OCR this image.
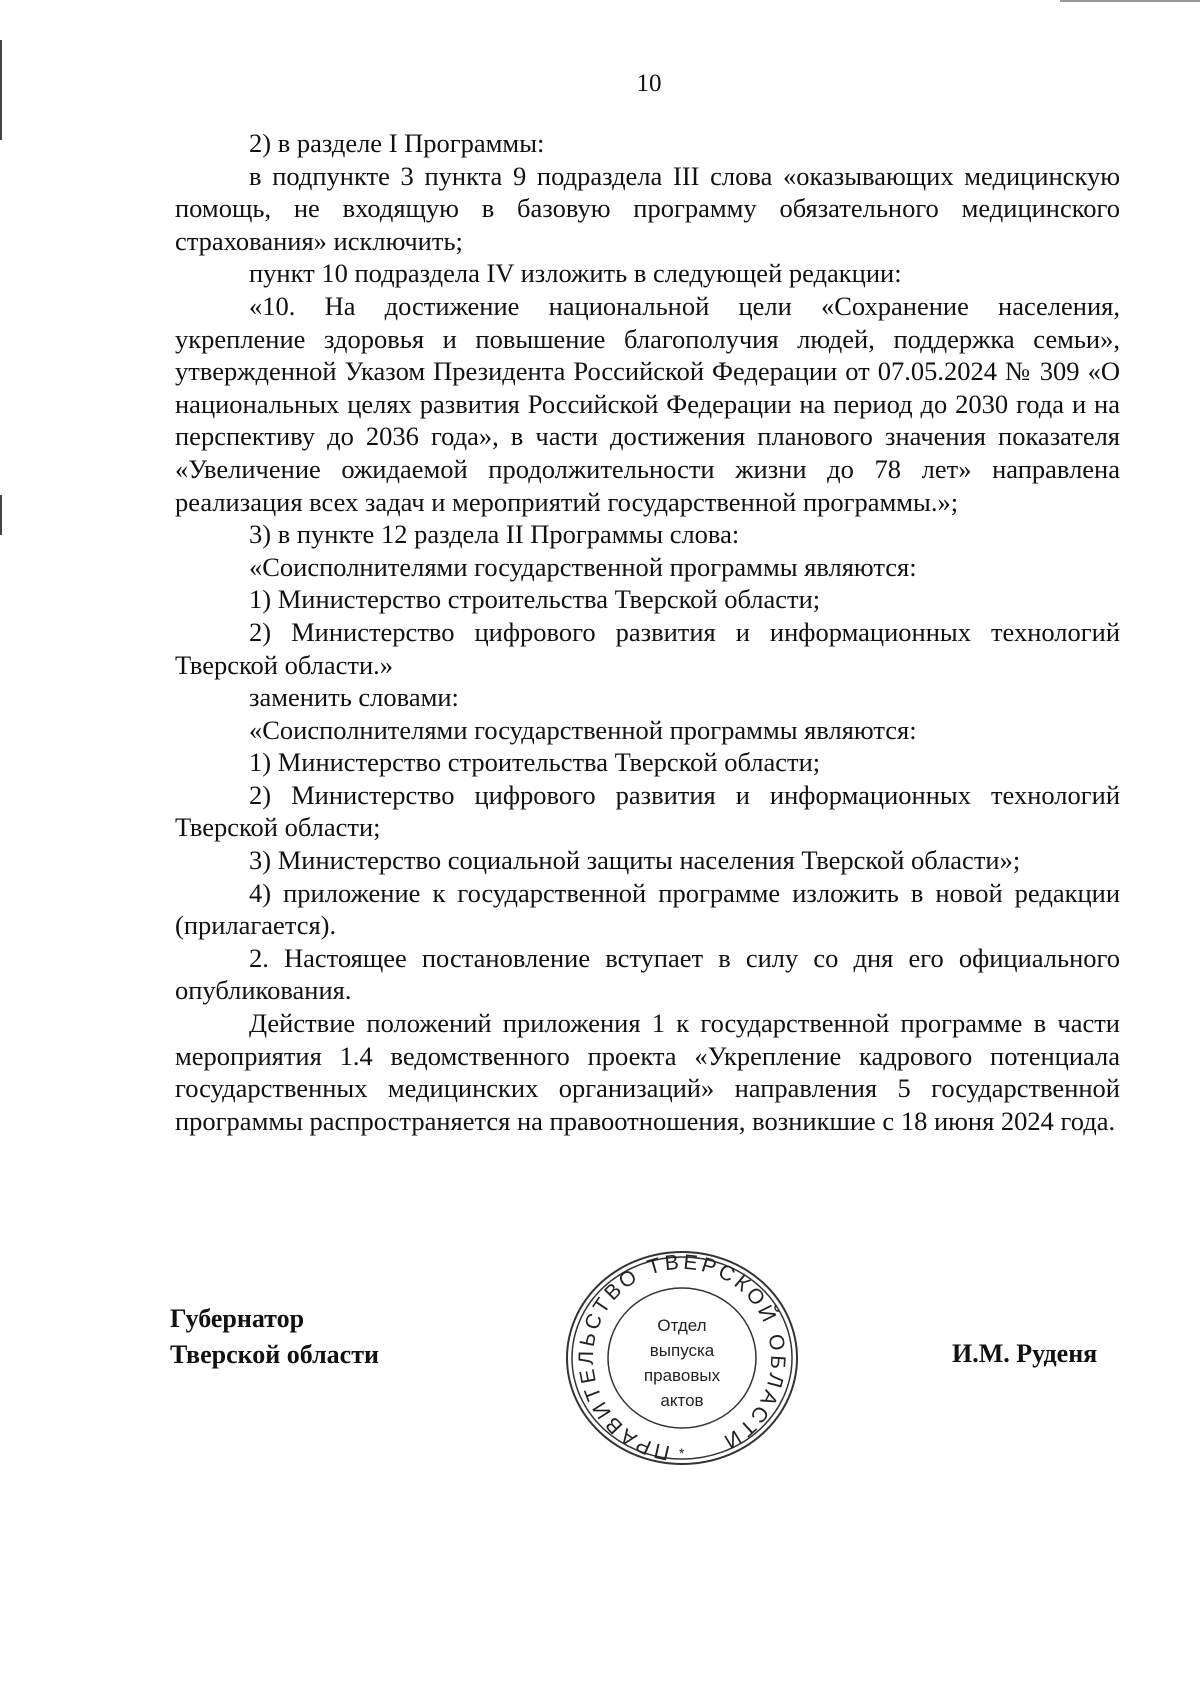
10

2) в разделе I Программы:

в подпункте 3 пункта 9 подраздела III слова «оказывающих медицинскую помощь, не входящую в базовую программу обязательного медицинского страхования» исключить;

пункт 10 подраздела IV изложить в следующей редакции:

«10. На достижение национальной цели «Сохранение населения, укрепление здоровья и повышение благополучия людей, поддержка семьи», утвержденной Указом Президента Российской Федерации от 07.05.2024 № 309 «О национальных целях развития Российской Федерации на период до 2030 года и на перспективу до 2036 года», в части достижения планового значения показателя «Увеличение ожидаемой продолжительности жизни до 78 лет» направлена реализация всех задач и мероприятий государственной программы.»;

3) в пункте 12 раздела II Программы слова:

«Соисполнителями государственной программы являются:

1) Министерство строительства Тверской области;

2) Министерство цифрового развития и информационных технологий Тверской области.»

заменить словами:

«Соисполнителями государственной программы являются:

1) Министерство строительства Тверской области;

2) Министерство цифрового развития и информационных технологий Тверской области;

3) Министерство социальной защиты населения Тверской области»;

4) приложение к государственной программе изложить в новой редакции (прилагается).

2. Настоящее постановление вступает в силу со дня его официального опубликования.

Действие положений приложения 1 к государственной программе в части мероприятия 1.4 ведомственного проекта «Укрепление кадрового потенциала государственных медицинских организаций» направления 5 государственной программы распространяется на правоотношения, возникшие с 18 июня 2024 года.

Губернатор
Тверской области
ПРАВИТЕЛЬСТВО ТВЕРСКОЙ ОБЛАСТИ
*
Отдел
выпуска
правовых
актов
И.М. Руденя
